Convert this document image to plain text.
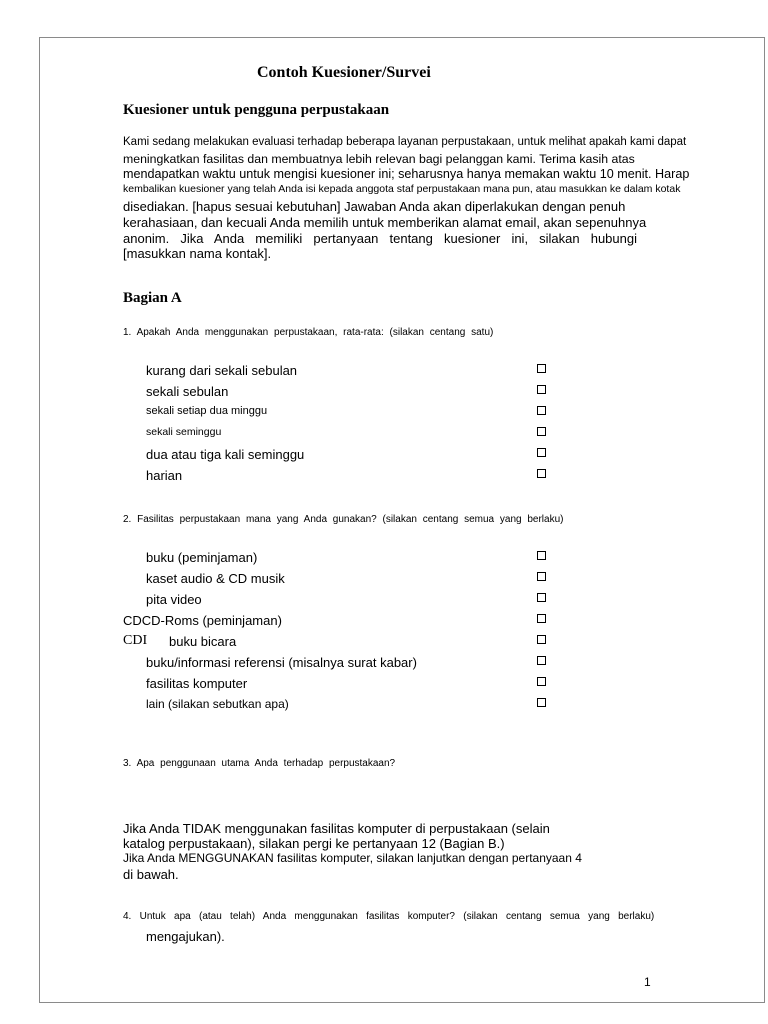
Contoh Kuesioner/Survei
Kuesioner untuk pengguna perpustakaan
Kami sedang melakukan evaluasi terhadap beberapa layanan perpustakaan, untuk melihat apakah kami dapat
meningkatkan fasilitas dan membuatnya lebih relevan bagi pelanggan kami. Terima kasih atas
mendapatkan waktu untuk mengisi kuesioner ini; seharusnya hanya memakan waktu 10 menit. Harap
kembalikan kuesioner yang telah Anda isi kepada anggota staf perpustakaan mana pun, atau masukkan ke dalam kotak
disediakan. [hapus sesuai kebutuhan] Jawaban Anda akan diperlakukan dengan penuh
kerahasiaan, dan kecuali Anda memilih untuk memberikan alamat email, akan sepenuhnya
anonim. Jika Anda memiliki pertanyaan tentang kuesioner ini, silakan hubungi
[masukkan nama kontak].
Bagian A
1. Apakah Anda menggunakan perpustakaan, rata-rata: (silakan centang satu)
kurang dari sekali sebulan
sekali sebulan
sekali setiap dua minggu
sekali seminggu
dua atau tiga kali seminggu
harian
2. Fasilitas perpustakaan mana yang Anda gunakan? (silakan centang semua yang berlaku)
buku (peminjaman)
kaset audio & CD musik
pita video
CDCD-Roms (peminjaman)
CDI buku bicara
buku/informasi referensi (misalnya surat kabar)
fasilitas komputer
lain (silakan sebutkan apa)
3. Apa penggunaan utama Anda terhadap perpustakaan?
Jika Anda TIDAK menggunakan fasilitas komputer di perpustakaan (selain
katalog perpustakaan), silakan pergi ke pertanyaan 12 (Bagian B.)
Jika Anda MENGGUNAKAN fasilitas komputer, silakan lanjutkan dengan pertanyaan 4
di bawah.
4. Untuk apa (atau telah) Anda menggunakan fasilitas komputer? (silakan centang semua yang berlaku)
mengajukan).
1
